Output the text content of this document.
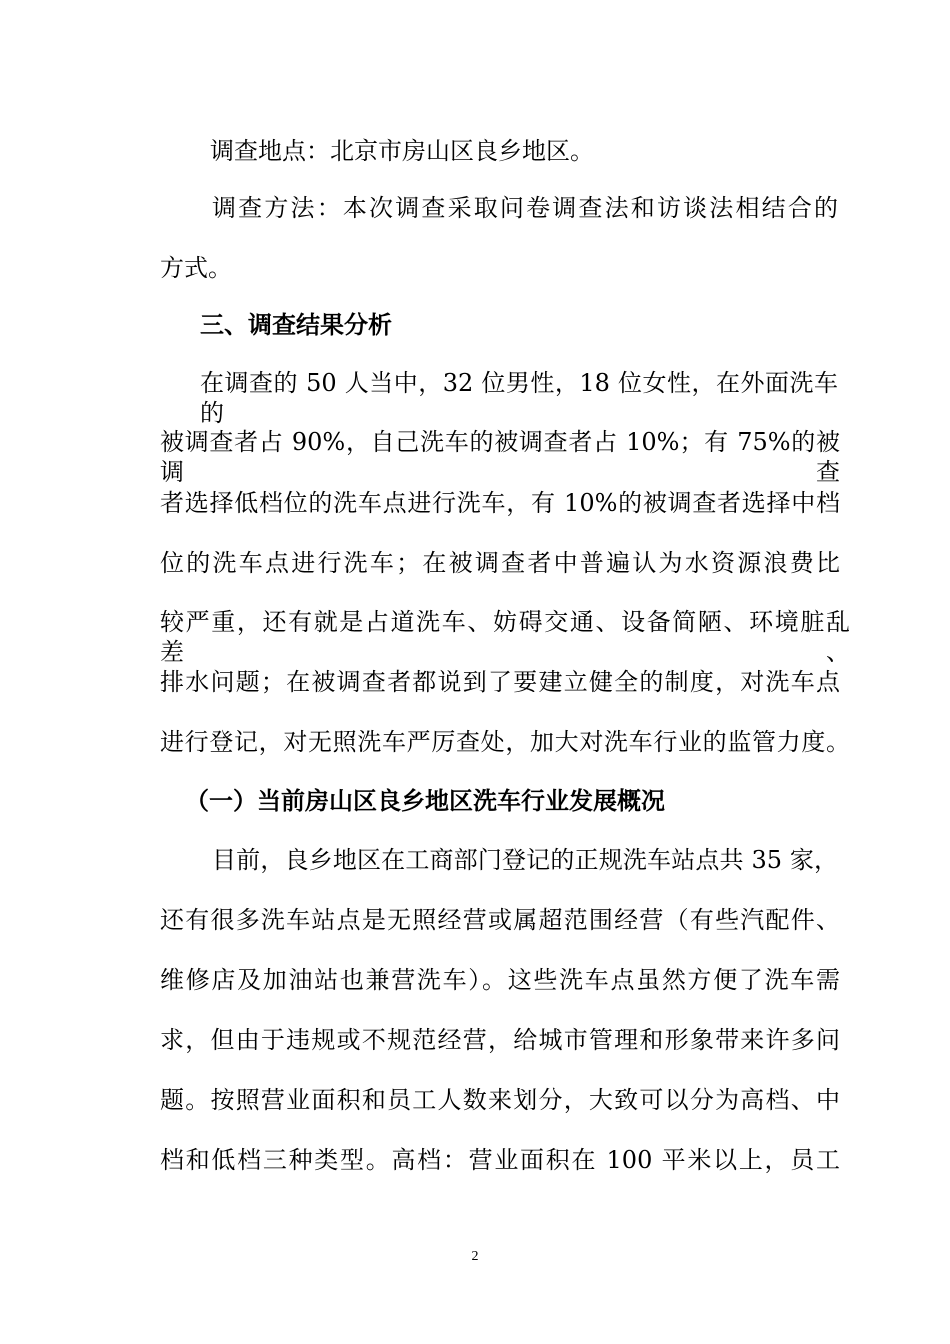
调查地点：北京市房山区良乡地区。
调查方法：本次调查采取问卷调查法和访谈法相结合的
方式。
三、调查结果分析
在调查的 50 人当中，32 位男性，18 位女性，在外面洗车的
被调查者占 90%，自己洗车的被调查者占 10%；有 75%的被调查
者选择低档位的洗车点进行洗车，有 10%的被调查者选择中档
位的洗车点进行洗车；在被调查者中普遍认为水资源浪费比
较严重，还有就是占道洗车、妨碍交通、设备简陋、环境脏乱差、
排水问题；在被调查者都说到了要建立健全的制度，对洗车点
进行登记，对无照洗车严厉查处，加大对洗车行业的监管力度。
（一）当前房山区良乡地区洗车行业发展概况
目前，良乡地区在工商部门登记的正规洗车站点共 35 家，
还有很多洗车站点是无照经营或属超范围经营（有些汽配件、
维修店及加油站也兼营洗车）。这些洗车点虽然方便了洗车需
求，但由于违规或不规范经营，给城市管理和形象带来许多问
题。按照营业面积和员工人数来划分，大致可以分为高档、中
档和低档三种类型。高档：营业面积在 100 平米以上，员工
2
